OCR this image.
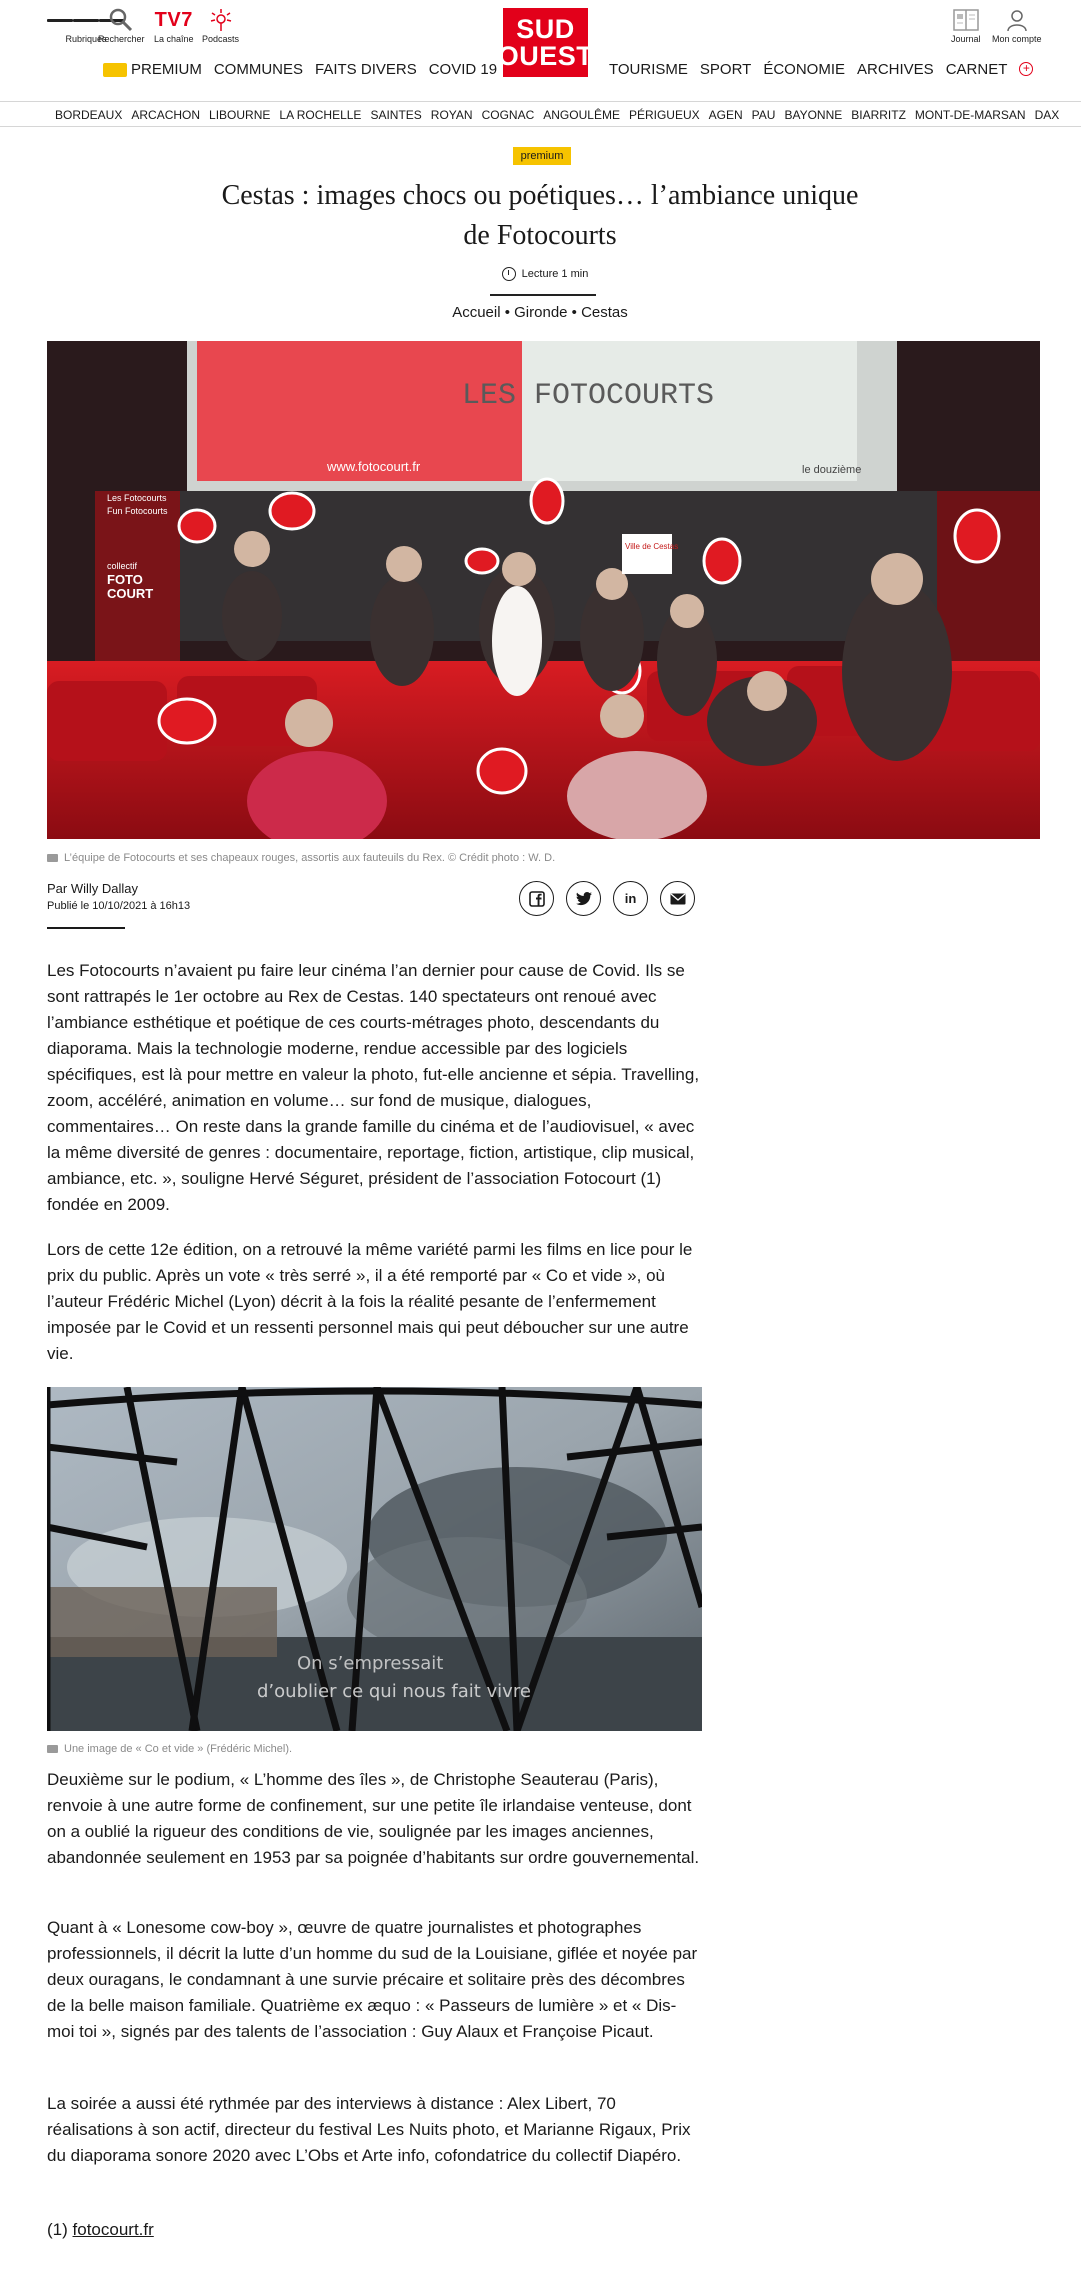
Rubriques
Rechercher
TV7
La chaîne Podcasts	SUD
OUEST
Journal Mon compte
PREMIUM COMMUNES FAITS DIVERS COVID 19	TOURISME SPORT ÉCONOMIE ARCHIVES CARNET +
BORDEAUX ARCACHON LIBOURNE LA ROCHELLE SAINTES ROYAN COGNAC ANGOULÊME PÉRIGUEUX AGEN PAU BAYONNE BIARRITZ MONT-DE-MARSAN DAX
premium
Cestas : images chocs ou poétiques… l’ambiance unique
de Fotocourts
Lecture 1 min
Accueil • Gironde • Cestas
LES FOTOCOURTS
www.fotocourt.fr	le douzième
Les Fotocourts
Fun Fotocourts
collectif
FOTO
COURT
Ville de Cestas
L’équipe de Fotocourts et ses chapeaux rouges, assortis aux fauteuils du Rex. © Crédit photo : W. D.
Par Willy Dallay
Publié le 10/10/2021 à 16h13	in

Les Fotocourts n’avaient pu faire leur cinéma l’an dernier pour cause de Covid. Ils se sont rattrapés le 1er octobre au Rex de Cestas. 140 spectateurs ont renoué avec l’ambiance esthétique et poétique de ces courts-métrages photo, descendants du diaporama. Mais la technologie moderne, rendue accessible par des logiciels spécifiques, est là pour mettre en valeur la photo, fut-elle ancienne et sépia. Travelling, zoom, accéléré, animation en volume… sur fond de musique, dialogues, commentaires… On reste dans la grande famille du cinéma et de l’audiovisuel, « avec la même diversité de genres : documentaire, reportage, fiction, artistique, clip musical, ambiance, etc. », souligne Hervé Séguret, président de l’association Fotocourt (1) fondée en 2009.

Lors de cette 12e édition, on a retrouvé la même variété parmi les films en lice pour le prix du public. Après un vote « très serré », il a été remporté par « Co et vide », où l’auteur Frédéric Michel (Lyon) décrit à la fois la réalité pesante de l’enfermement imposée par le Covid et un ressenti personnel mais qui peut déboucher sur une autre vie.

On s’empressait
d’oublier ce qui nous fait vivre
Une image de « Co et vide » (Frédéric Michel).

Deuxième sur le podium, « L’homme des îles », de Christophe Seauterau (Paris), renvoie à une autre forme de confinement, sur une petite île irlandaise venteuse, dont on a oublié la rigueur des conditions de vie, soulignée par les images anciennes, abandonnée seulement en 1953 par sa poignée d’habitants sur ordre gouvernemental.

Quant à « Lonesome cow-boy », œuvre de quatre journalistes et photographes professionnels, il décrit la lutte d’un homme du sud de la Louisiane, giflée et noyée par deux ouragans, le condamnant à une survie précaire et solitaire près des décombres de la belle maison familiale. Quatrième ex æquo : « Passeurs de lumière » et « Dis-moi toi », signés par des talents de l’association : Guy Alaux et Françoise Picaut.

La soirée a aussi été rythmée par des interviews à distance : Alex Libert, 70 réalisations à son actif, directeur du festival Les Nuits photo, et Marianne Rigaux, Prix du diaporama sonore 2020 avec L’Obs et Arte info, cofondatrice du collectif Diapéro.

(1) fotocourt.fr
